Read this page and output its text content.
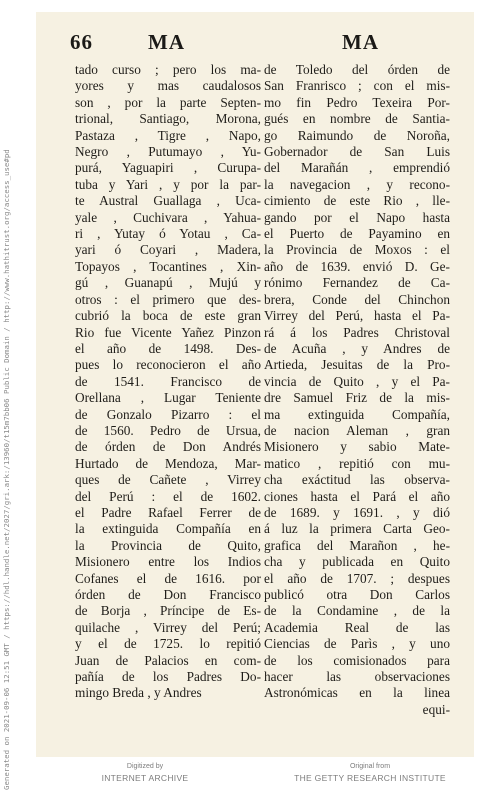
66	MA	MA
tado curso ; pero los ma-
yores y mas caudalosos
son , por la parte Septen-
trional, Santiago, Morona,
Pastaza , Tigre , Napo,
Negro , Putumayo , Yu-
purá, Yaguapiri , Curupa-
tuba y Yari , y por la par-
te Austral Guallaga , Uca-
yale , Cuchivara , Yahua-
ri , Yutay ó Yotau , Ca-
yari ó Coyari , Madera,
Topayos , Tocantines , Xin-
gú , Guanapú , Mujú y
otros : el primero que des-
cubrió la boca de este gran
Rio fue Vicente Yañez Pinzon
el año de 1498. Des-
pues lo reconocieron el año
de 1541. Francisco de
Orellana , Lugar Teniente
de Gonzalo Pizarro : el
de 1560. Pedro de Ursua,
de órden de Don Andrés
Hurtado de Mendoza, Mar-
ques de Cañete , Virrey
del Perú : el de 1602.
el Padre Rafael Ferrer de
la extinguida Compañía en
la Provincia de Quito,
Misionero entre los Indios
Cofanes el de 1616. por
órden de Don Francisco
de Borja , Príncipe de Es-
quilache , Virrey del Perú;
y el de 1725. lo repitió
Juan de Palacios en com-
pañía de los Padres Do-
mingo Breda , y Andres
de Toledo del órden de
San Franrisco ; con el mis-
mo fin Pedro Texeira Por-
gués en nombre de Santia-
go Raimundo de Noroña,
Gobernador de San Luis
del Marañán , emprendió
la navegacion , y recono-
cimiento de este Rio , lle-
gando por el Napo hasta
el Puerto de Payamino en
la Provincia de Moxos : el
año de 1639. envió D. Ge-
rónimo Fernandez de Ca-
brera, Conde del Chinchon
Virrey del Perú, hasta el Pa-
rá á los Padres Christoval
de Acuña , y Andres de
Artieda, Jesuitas de la Pro-
vincia de Quito , y el Pa-
dre Samuel Friz de la mis-
ma extinguida Compañía,
de nacion Aleman , gran
Misionero y sabio Mate-
matico , repitió con mu-
cha exáctitud las observa-
ciones hasta el Pará el año
de 1689. y 1691. , y dió
á luz la primera Carta Geo-
grafica del Marañon , he-
cha y publicada en Quito
el año de 1707. ; despues
publicó otra Don Carlos
de la Condamine , de la
Academia Real de las
Ciencias de Parìs , y uno
de los comisionados para
hacer las observaciones
Astronómicas en la linea
equi-
Generated on 2021-09-06 12:51 GMT / https://hdl.handle.net/2027/gri.ark:/13960/t15m7bb06 Public Domain / http://www.hathitrust.org/access_use#pd	Digitized by
INTERNET ARCHIVE
Original from
THE GETTY RESEARCH INSTITUTE
